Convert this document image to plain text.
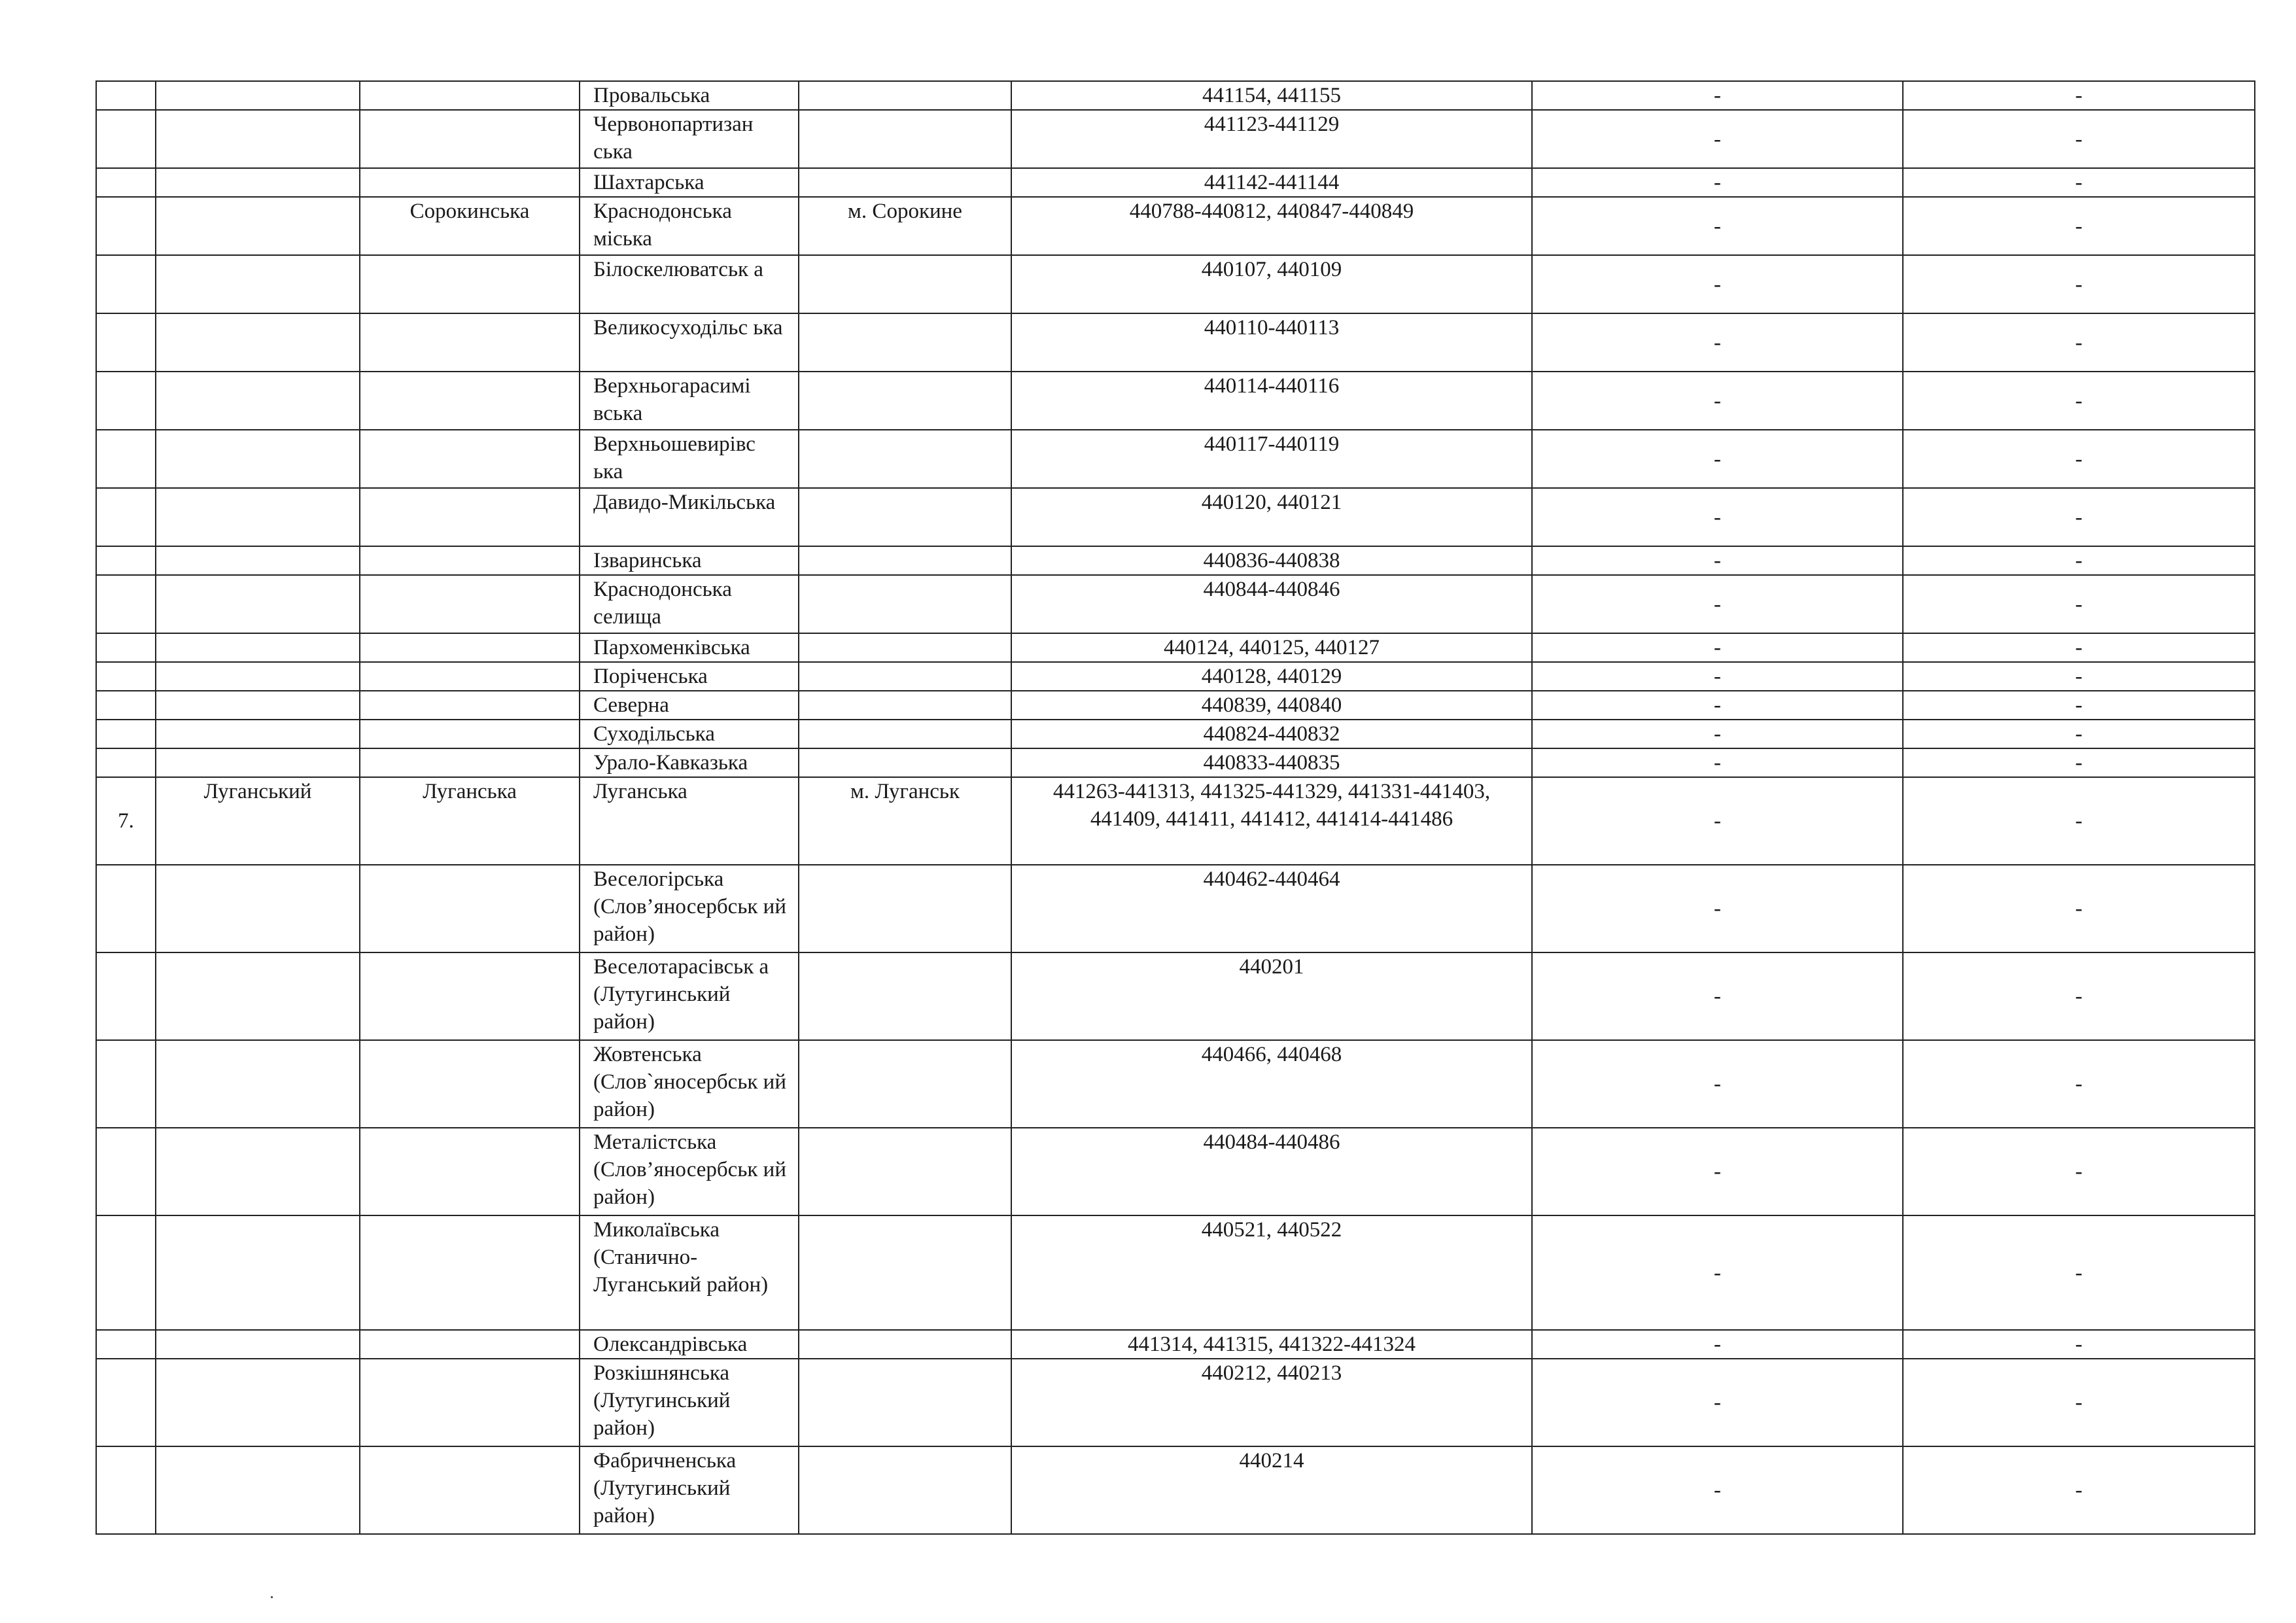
			Провальська		441154, 441155	-	-
			Червонопартизан ська		441123-441129	-	-
			Шахтарська		441142-441144	-	-
		Сорокинська	Краснодонська міська	м. Сорокине	440788-440812, 440847-440849	-	-
			Білоскелюватськ а		440107, 440109	-	-
			Великосуходільс ька		440110-440113	-	-
			Верхньогарасимі вська		440114-440116	-	-
			Верхньошевирівс ька		440117-440119	-	-
			Давидо-Микільська		440120, 440121	-	-
			Ізваринська		440836-440838	-	-
			Краснодонська селища		440844-440846	-	-
			Пархоменківська		440124, 440125, 440127	-	-
			Поріченська		440128, 440129	-	-
			Северна		440839, 440840	-	-
			Суходільська		440824-440832	-	-
			Урало-Кавказька		440833-440835	-	-
7.	Луганський	Луганська	Луганська	м. Луганськ	441263-441313, 441325-441329, 441331-441403, 441409, 441411, 441412, 441414-441486	-	-
			Веселогірська (Слов’яносербськ ий район)		440462-440464	-	-
			Веселотарасівськ а (Лутугинський район)		440201	-	-
			Жовтенська (Слов`яносербськ ий район)		440466, 440468	-	-
			Металістська (Слов’яносербськ ий район)		440484-440486	-	-
			Миколаївська (Станично-Луганський район)		440521, 440522	-	-
			Олександрівська		441314, 441315, 441322-441324	-	-
			Розкішнянська (Лутугинський район)		440212, 440213	-	-
			Фабричненська (Лутугинський район)		440214	-	-
